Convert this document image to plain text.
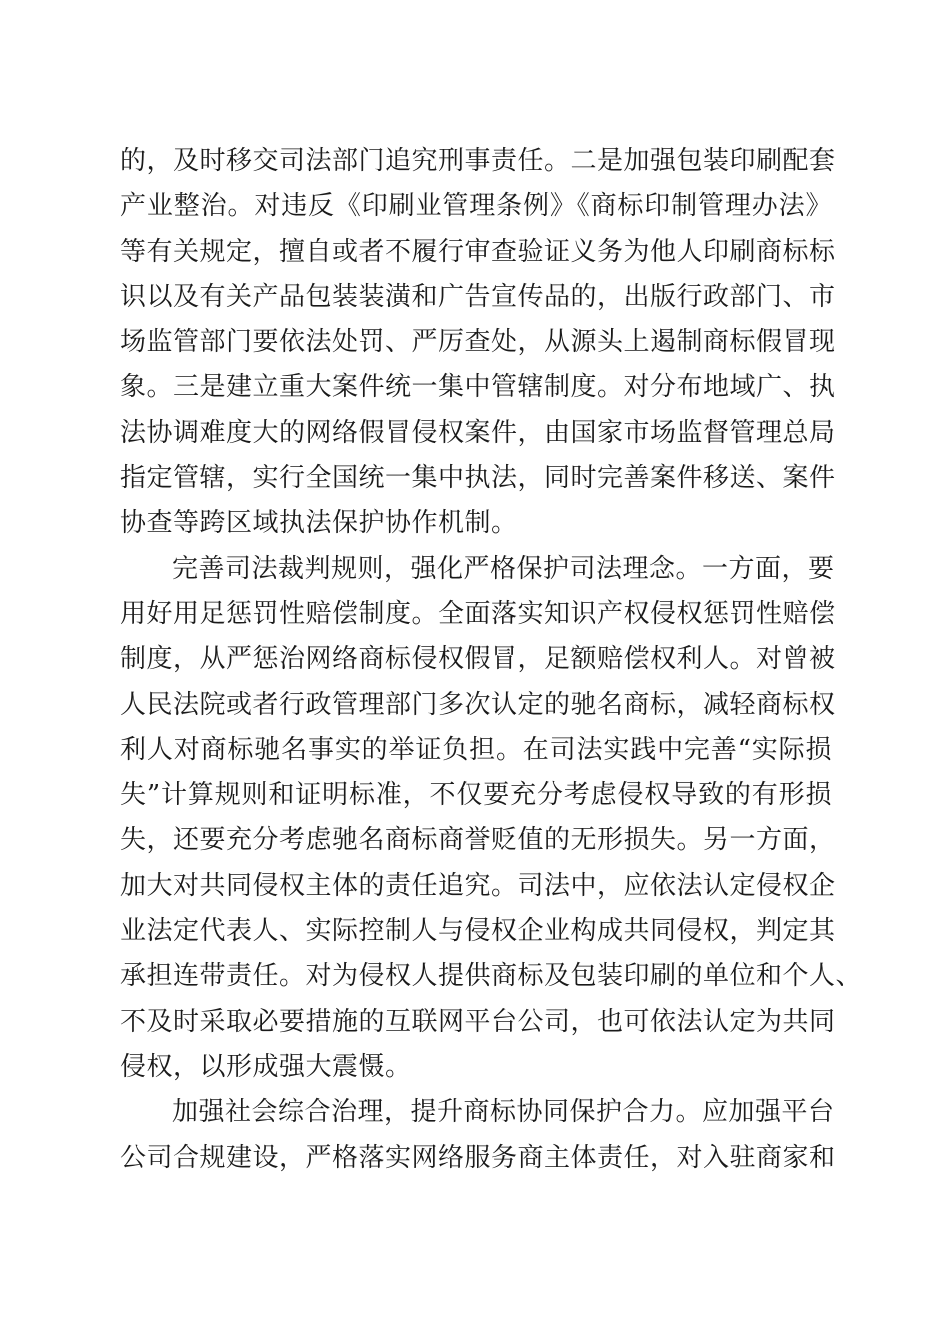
的，及时移交司法部门追究刑事责任。二是加强包装印刷配套
产业整治。对违反《印刷业管理条例》《商标印制管理办法》
等有关规定，擅自或者不履行审查验证义务为他人印刷商标标
识以及有关产品包装装潢和广告宣传品的，出版行政部门、市
场监管部门要依法处罚、严厉查处，从源头上遏制商标假冒现
象。三是建立重大案件统一集中管辖制度。对分布地域广、执
法协调难度大的网络假冒侵权案件，由国家市场监督管理总局
指定管辖，实行全国统一集中执法，同时完善案件移送、案件
协查等跨区域执法保护协作机制。
完善司法裁判规则，强化严格保护司法理念。一方面，要
用好用足惩罚性赔偿制度。全面落实知识产权侵权惩罚性赔偿
制度，从严惩治网络商标侵权假冒，足额赔偿权利人。对曾被
人民法院或者行政管理部门多次认定的驰名商标，减轻商标权
利人对商标驰名事实的举证负担。在司法实践中完善“实际损
失”计算规则和证明标准，不仅要充分考虑侵权导致的有形损
失，还要充分考虑驰名商标商誉贬值的无形损失。另一方面，
加大对共同侵权主体的责任追究。司法中，应依法认定侵权企
业法定代表人、实际控制人与侵权企业构成共同侵权，判定其
承担连带责任。对为侵权人提供商标及包装印刷的单位和个人、
不及时采取必要措施的互联网平台公司，也可依法认定为共同
侵权，以形成强大震慑。
加强社会综合治理，提升商标协同保护合力。应加强平台
公司合规建设，严格落实网络服务商主体责任，对入驻商家和
